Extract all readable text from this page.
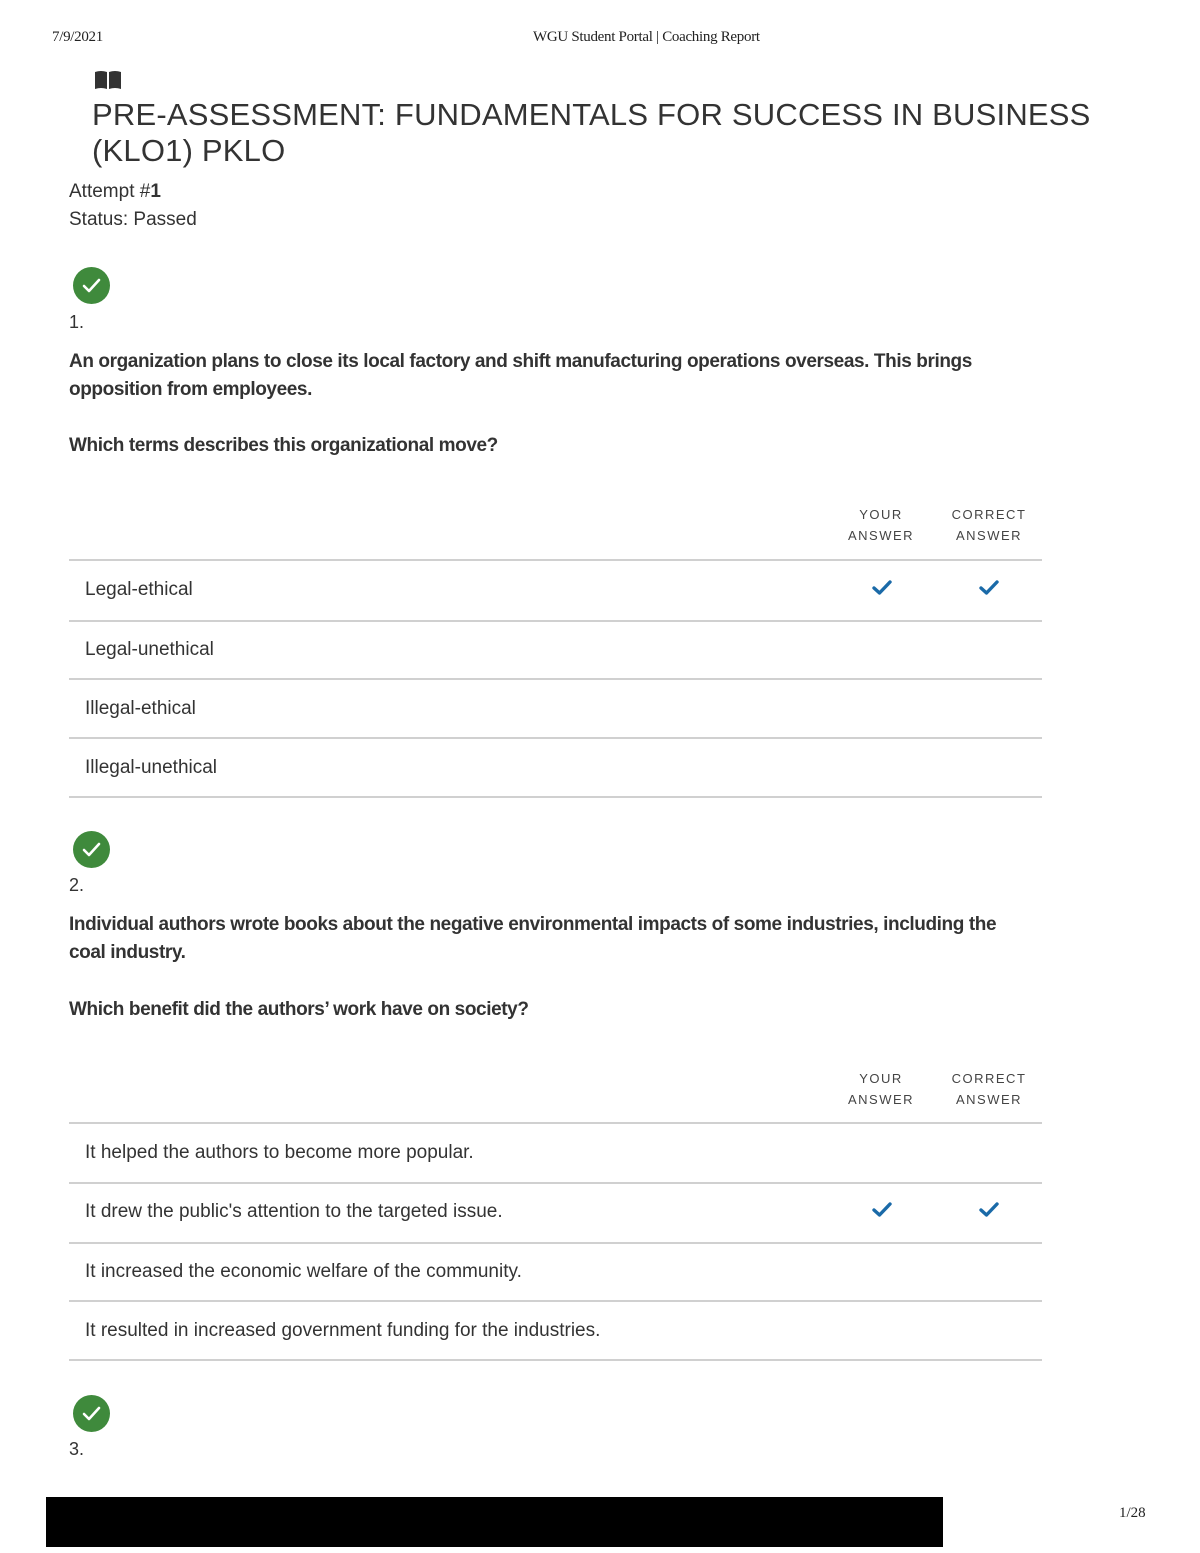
7/9/2021	WGU Student Portal | Coaching Report
PRE-ASSESSMENT: FUNDAMENTALS FOR SUCCESS IN BUSINESS (KLO1) PKLO
Attempt #1
Status: Passed
1.

An organization plans to close its local factory and shift manufacturing operations overseas. This brings opposition from employees.

Which terms describes this organizational move?

YOUR
ANSWER
CORRECT
ANSWER
Legal-ethical
Legal-unethical
Illegal-ethical
Illegal-unethical
2.

Individual authors wrote books about the negative environmental impacts of some industries, including the coal industry.

Which benefit did the authors’ work have on society?

YOUR
ANSWER
CORRECT
ANSWER
It helped the authors to become more popular.
It drew the public's attention to the targeted issue.
It increased the economic welfare of the community.
It resulted in increased government funding for the industries.
3.
1/28
